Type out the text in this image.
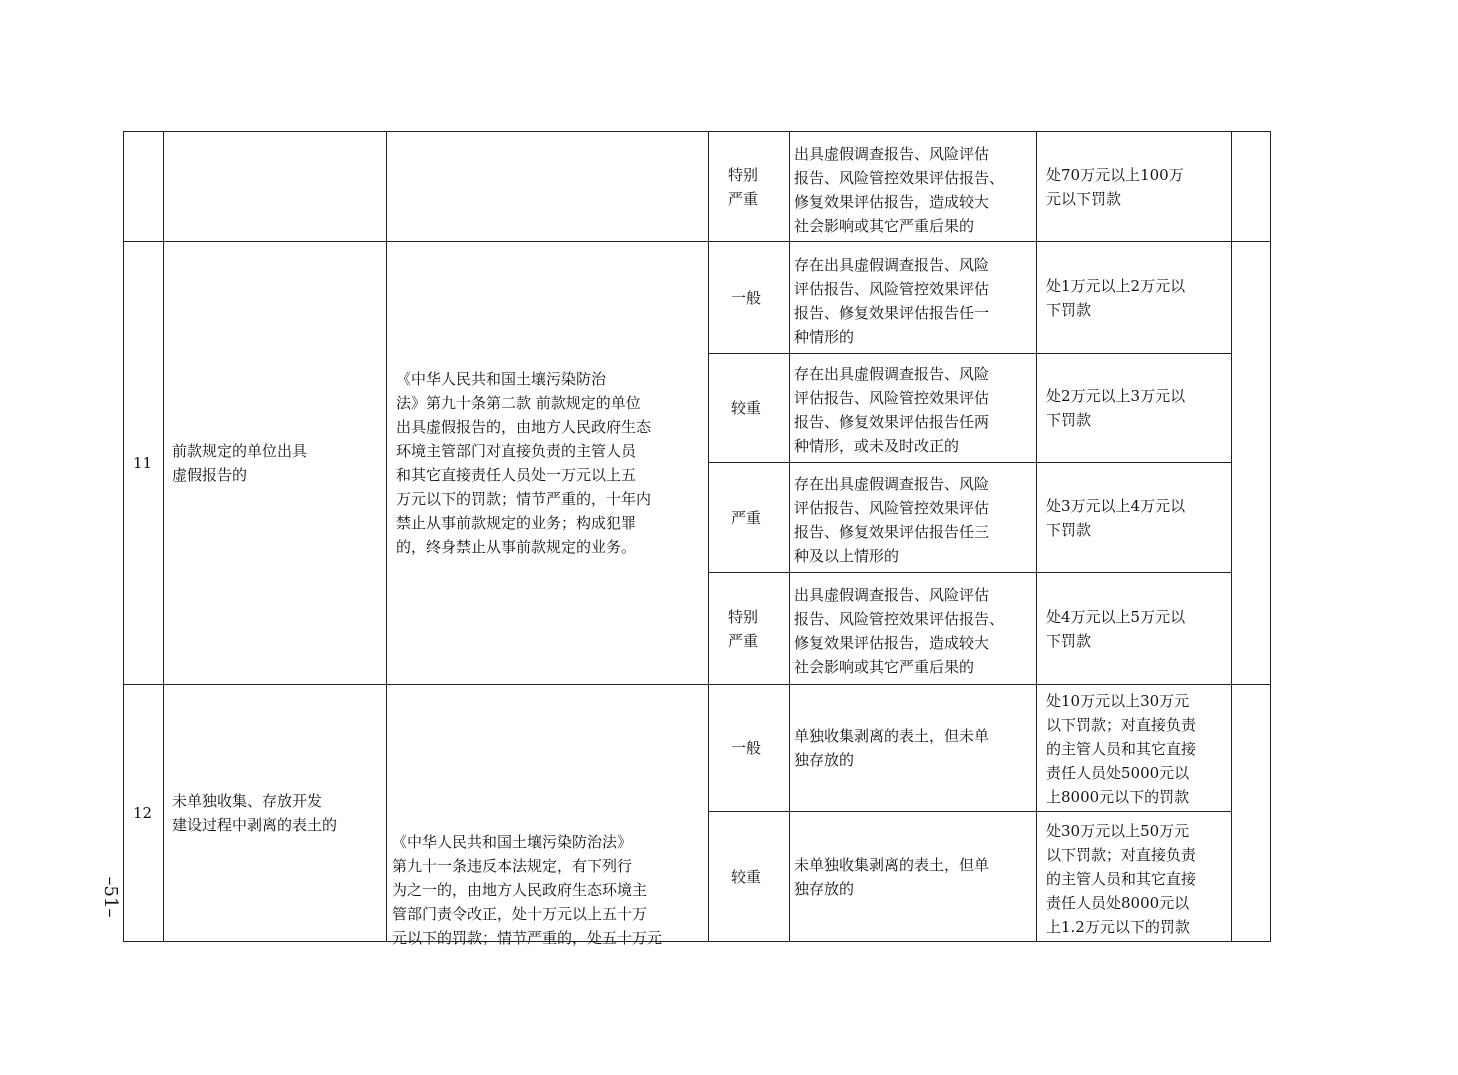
特别
严重
出具虚假调查报告、风险评估
报告、风险管控效果评估报告、
修复效果评估报告，造成较大
社会影响或其它严重后果的
处70万元以上100万
元以下罚款
11
前款规定的单位出具
虚假报告的
《中华人民共和国土壤污染防治
法》第九十条第二款 前款规定的单位
出具虚假报告的，由地方人民政府生态
环境主管部门对直接负责的主管人员
和其它直接责任人员处一万元以上五
万元以下的罚款；情节严重的，十年内
禁止从事前款规定的业务；构成犯罪
的，终身禁止从事前款规定的业务。
一般
存在出具虚假调查报告、风险
评估报告、风险管控效果评估
报告、修复效果评估报告任一
种情形的
处1万元以上2万元以
下罚款
较重
存在出具虚假调查报告、风险
评估报告、风险管控效果评估
报告、修复效果评估报告任两
种情形，或未及时改正的
处2万元以上3万元以
下罚款
严重
存在出具虚假调查报告、风险
评估报告、风险管控效果评估
报告、修复效果评估报告任三
种及以上情形的
处3万元以上4万元以
下罚款
特别
严重
出具虚假调查报告、风险评估
报告、风险管控效果评估报告、
修复效果评估报告，造成较大
社会影响或其它严重后果的
处4万元以上5万元以
下罚款
12
未单独收集、存放开发
建设过程中剥离的表土的

《中华人民共和国土壤污染防治法》
第九十一条违反本法规定，有下列行
为之一的，由地方人民政府生态环境主
管部门责令改正，处十万元以上五十万
元以下的罚款；情节严重的，处五十万元

一般
单独收集剥离的表土，但未单
独存放的
处10万元以上30万元
以下罚款；对直接负责
的主管人员和其它直接
责任人员处5000元以
上8000元以下的罚款
较重
未单独收集剥离的表土，但单
独存放的
处30万元以上50万元
以下罚款；对直接负责
的主管人员和其它直接
责任人员处8000元以
上1.2万元以下的罚款
–51–
